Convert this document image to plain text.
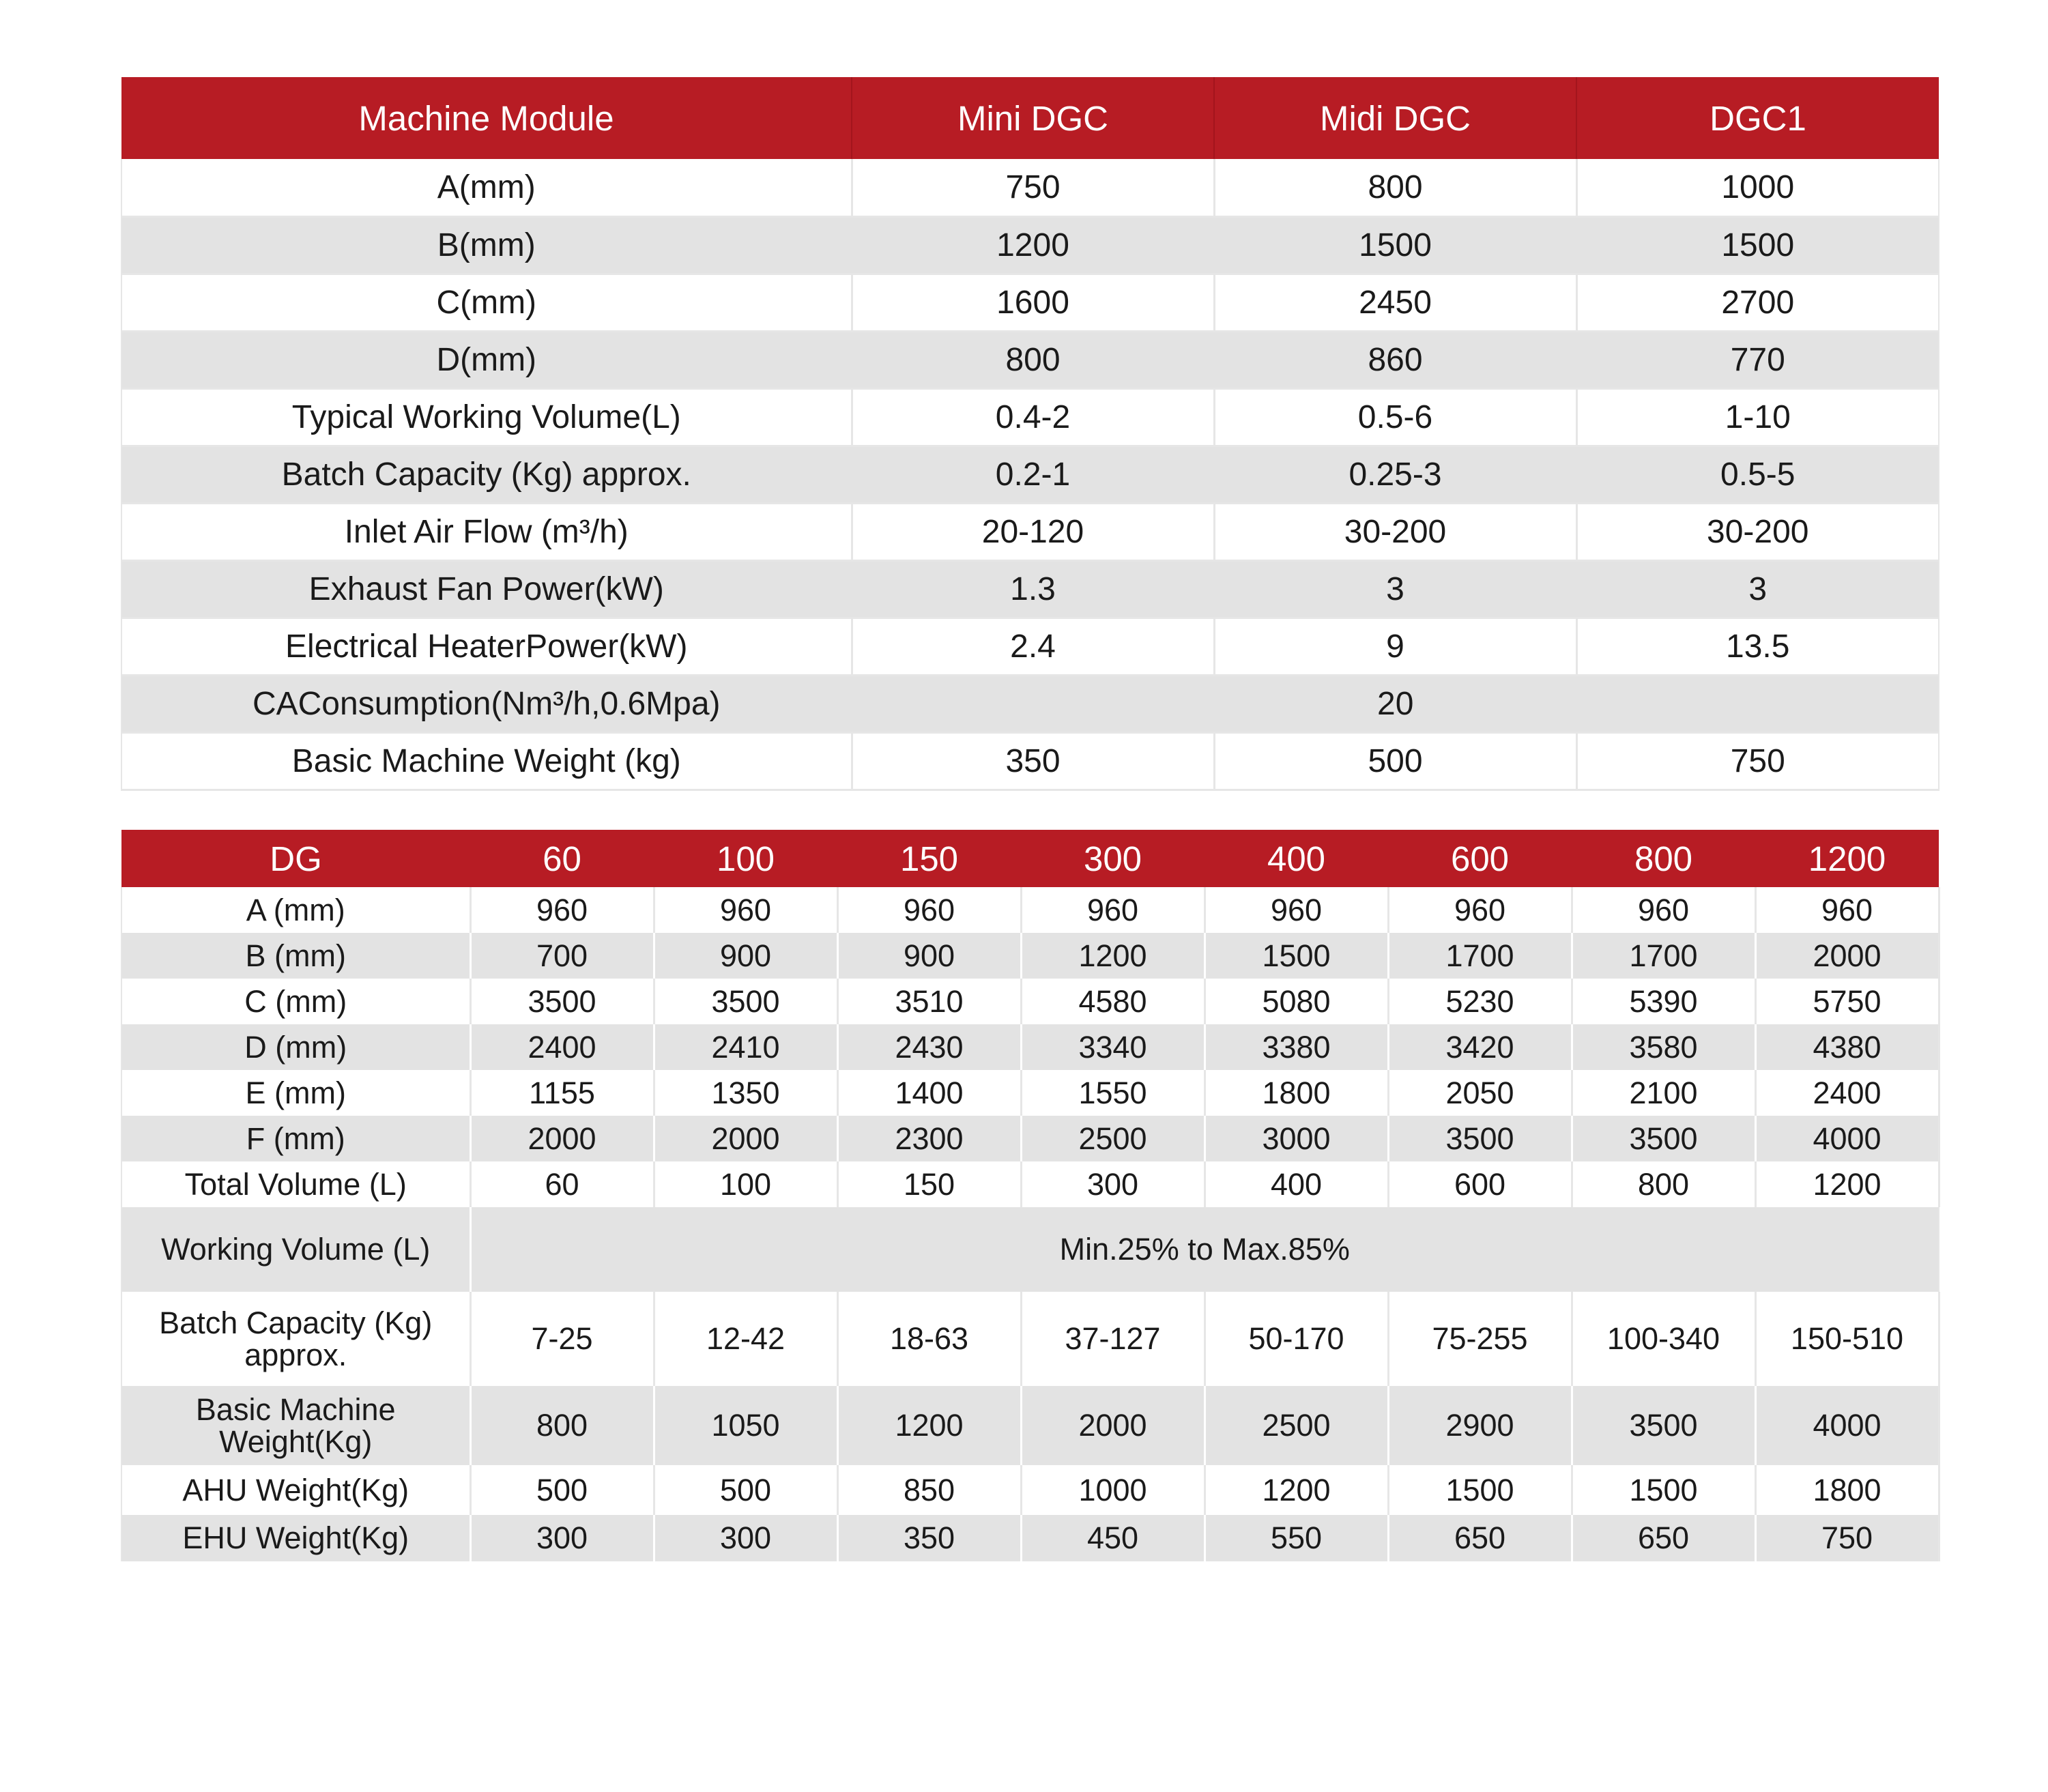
Machine Module	Mini DGC	Midi DGC	DGC1
A(mm)	750	800	1000
B(mm)	1200	1500	1500
C(mm)	1600	2450	2700
D(mm)	800	860	770
Typical Working Volume(L)	0.4-2	0.5-6	1-10
Batch Capacity (Kg) approx.	0.2-1	0.25-3	0.5-5
Inlet Air Flow (m³/h)	20-120	30-200	30-200
Exhaust Fan Power(kW)	1.3	3	3
Electrical HeaterPower(kW)	2.4	9	13.5
CAConsumption(Nm³/h,0.6Mpa)	20		
Basic Machine Weight (kg)	350	500	750
DG	60	100	150	300	400	600	800	1200
A (mm)	960	960	960	960	960	960	960	960
B (mm)	700	900	900	1200	1500	1700	1700	2000
C (mm)	3500	3500	3510	4580	5080	5230	5390	5750
D (mm)	2400	2410	2430	3340	3380	3420	3580	4380
E (mm)	1155	1350	1400	1550	1800	2050	2100	2400
F (mm)	2000	2000	2300	2500	3000	3500	3500	4000
Total Volume (L)	60	100	150	300	400	600	800	1200
Working Volume (L)	Min.25% to Max.85%							

Batch Capacity (Kg)
approx.	7-25	12-42	18-63	37-127	50-170	75-255	100-340	150-510

Basic Machine
Weight(Kg)	800	1050	1200	2000	2500	2900	3500	4000
AHU Weight(Kg)	500	500	850	1000	1200	1500	1500	1800
EHU Weight(Kg)	300	300	350	450	550	650	650	750
